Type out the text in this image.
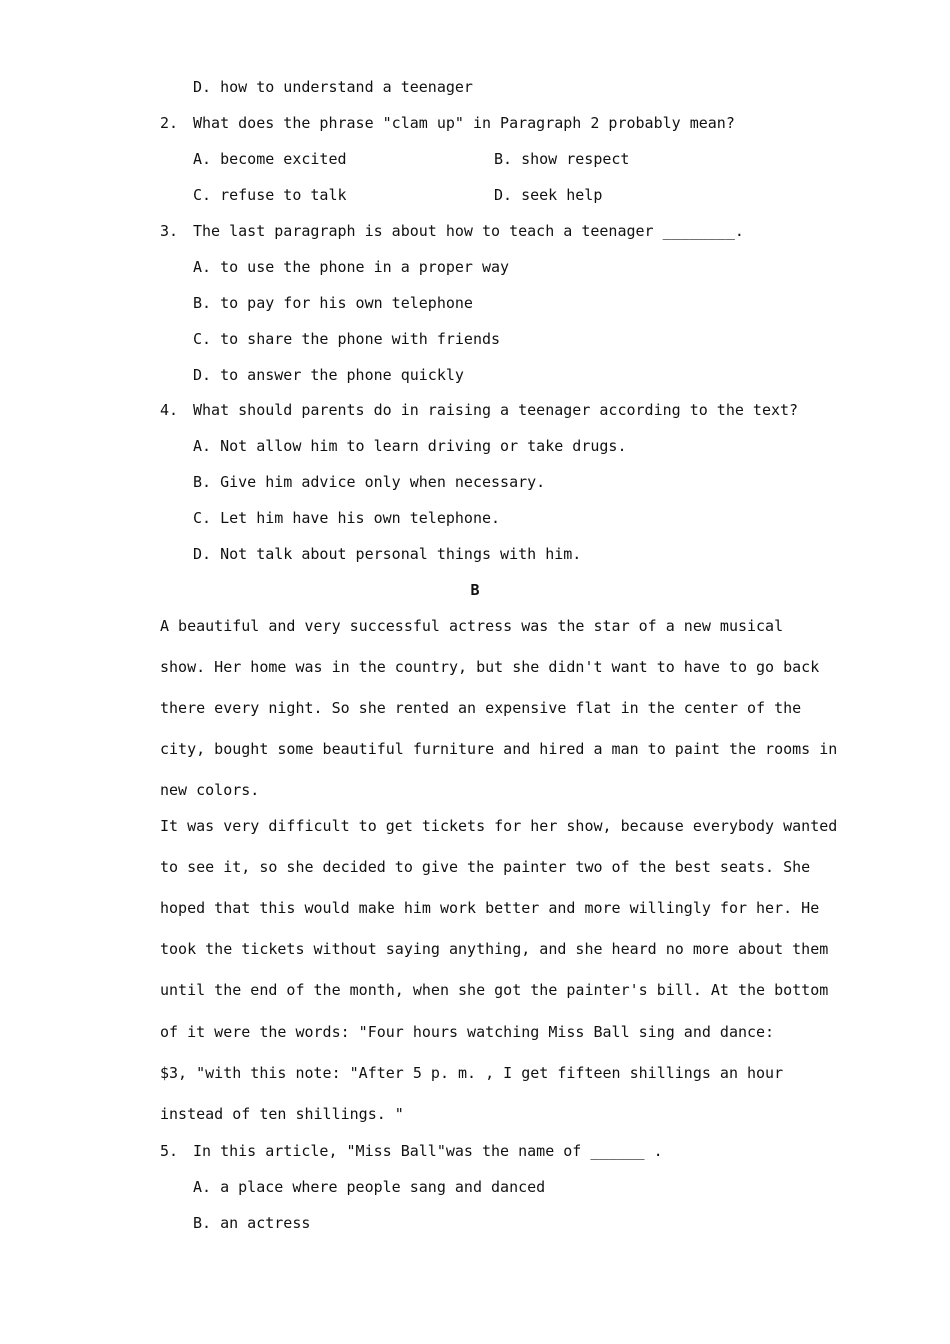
D. how to understand a teenager
2. What does the phrase "clam up" in Paragraph 2 probably mean?
A. become excited	B. show respect
C. refuse to talk	D. seek help
3. The last paragraph is about how to teach a teenager ________.
A. to use the phone in a proper way
B. to pay for his own telephone
C. to share the phone with friends
D. to answer the phone quickly
4. What should parents do in raising a teenager according to the text?
A. Not allow him to learn driving or take drugs.
B. Give him advice only when necessary.
C. Let him have his own telephone.
D. Not talk about personal things with him.
B
A beautiful and very successful actress was the star of a new musical
show. Her home was in the country, but she didn't want to have to go back
there every night. So she rented an expensive flat in the center of the
city, bought some beautiful furniture and hired a man to paint the rooms in
new colors.
It was very difficult to get tickets for her show, because everybody wanted
to see it, so she decided to give the painter two of the best seats. She
hoped that this would make him work better and more willingly for her. He
took the tickets without saying anything, and she heard no more about them
until the end of the month, when she got the painter's bill. At the bottom
of it were the words: "Four hours watching Miss Ball sing and dance:
$3, "with this note: "After 5 p. m. , I get fifteen shillings an hour
instead of ten shillings. "
5. In this article, "Miss Ball"was the name of ______ .
A. a place where people sang and danced
B. an actress
